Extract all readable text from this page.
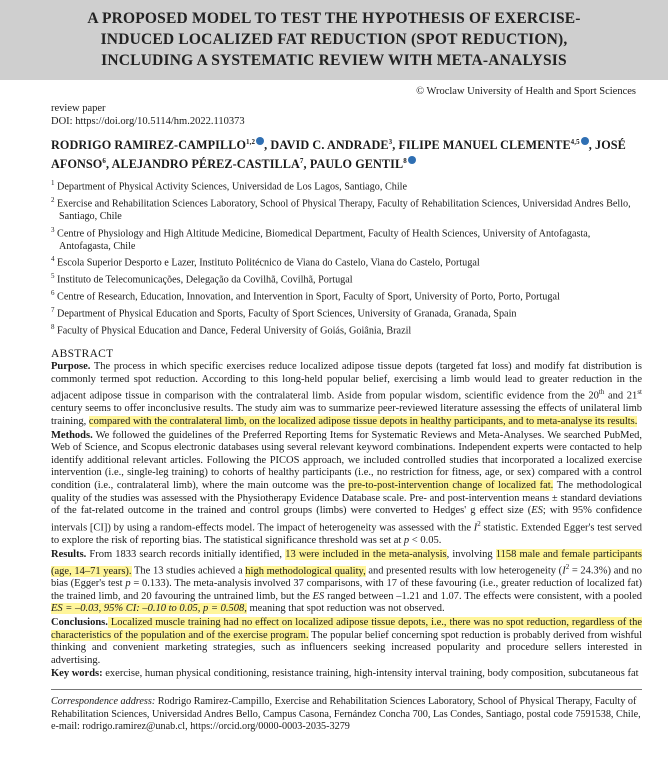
A PROPOSED MODEL TO TEST THE HYPOTHESIS OF EXERCISE-
INDUCED LOCALIZED FAT REDUCTION (SPOT REDUCTION),
INCLUDING A SYSTEMATIC REVIEW WITH META-ANALYSIS
© Wroclaw University of Health and Sport Sciences
review paper
DOI: https://doi.org/10.5114/hm.2022.110373
RODRIGO RAMIREZ-CAMPILLO$^{1,2}$ , DAVID C. ANDRADE$^3$, FILIPE MANUEL CLEMENTE$^{4,5}$ , JOSÉ AFONSO$^6$, ALEJANDRO PÉREZ-CASTILLA$^7$, PAULO GENTIL$^8$
$^1$ Department of Physical Activity Sciences, Universidad de Los Lagos, Santiago, Chile
$^2$ Exercise and Rehabilitation Sciences Laboratory, School of Physical Therapy, Faculty of Rehabilitation Sciences, Universidad Andres Bello, Santiago, Chile
$^3$ Centre of Physiology and High Altitude Medicine, Biomedical Department, Faculty of Health Sciences, University of Antofagasta, Antofagasta, Chile
$^4$ Escola Superior Desporto e Lazer, Instituto Politécnico de Viana do Castelo, Viana do Castelo, Portugal
$^5$ Instituto de Telecomunicações, Delegação da Covilhã, Covilhã, Portugal
$^6$ Centre of Research, Education, Innovation, and Intervention in Sport, Faculty of Sport, University of Porto, Porto, Portugal
$^7$ Department of Physical Education and Sports, Faculty of Sport Sciences, University of Granada, Granada, Spain
$^8$ Faculty of Physical Education and Dance, Federal University of Goiás, Goiânia, Brazil
ABSTRACT
Purpose. The process in which specific exercises reduce localized adipose tissue depots (targeted fat loss) and modify fat distribution is commonly termed spot reduction. According to this long-held popular belief, exercising a limb would lead to greater reduction in the adjacent adipose tissue in comparison with the contralateral limb. Aside from popular wisdom, scientific evidence from the 20th and 21st century seems to offer inconclusive results. The study aim was to summarize peer-reviewed literature assessing the effects of unilateral limb training, compared with the contralateral limb, on the localized adipose tissue depots in healthy participants, and to meta-analyse its results.
Methods. We followed the guidelines of the Preferred Reporting Items for Systematic Reviews and Meta-Analyses. We searched PubMed, Web of Science, and Scopus electronic databases using several relevant keyword combinations. Independent experts were contacted to help identify additional relevant articles. Following the PICOS approach, we included controlled studies that incorporated a localized exercise intervention (i.e., single-leg training) to cohorts of healthy participants (i.e., no restriction for fitness, age, or sex) compared with a control condition (i.e., contralateral limb), where the main outcome was the pre-to-post-intervention change of localized fat. The methodological quality of the studies was assessed with the Physiotherapy Evidence Database scale. Pre- and post-intervention means ± standard deviations of the fat-related outcome in the trained and control groups (limbs) were converted to Hedges' g effect size (ES; with 95% confidence intervals [CI]) by using a random-effects model. The impact of heterogeneity was assessed with the $I^2$ statistic. Extended Egger's test served to explore the risk of reporting bias. The statistical significance threshold was set at p < 0.05.
Results. From 1833 search records initially identified, 13 were included in the meta-analysis, involving 1158 male and female participants (age, 14–71 years). The 13 studies achieved a high methodological quality, and presented results with low heterogeneity $(I^2 = 24.3\%)$ and no bias (Egger's test p = 0.133). The meta-analysis involved 37 comparisons, with 17 of these favouring (i.e., greater reduction of localized fat) the trained limb, and 20 favouring the untrained limb, but the ES ranged between –1.21 and 1.07. The effects were consistent, with a pooled ES = –0.03, 95% CI: –0.10 to 0.05, p = 0.508, meaning that spot reduction was not observed.
Conclusions. Localized muscle training had no effect on localized adipose tissue depots, i.e., there was no spot reduction, regardless of the characteristics of the population and of the exercise program. The popular belief concerning spot reduction is probably derived from wishful thinking and convenient marketing strategies, such as influencers seeking increased popularity and procedure sellers interested in advertising.
Key words: exercise, human physical conditioning, resistance training, high-intensity interval training, body composition, subcutaneous fat
Correspondence address: Rodrigo Ramirez-Campillo, Exercise and Rehabilitation Sciences Laboratory, School of Physical Therapy, Faculty of Rehabilitation Sciences, Universidad Andres Bello, Campus Casona, Fernández Concha 700, Las Condes, Santiago, postal code 7591538, Chile, e-mail: rodrigo.ramirez@unab.cl, https://orcid.org/0000-0003-2035-3279
